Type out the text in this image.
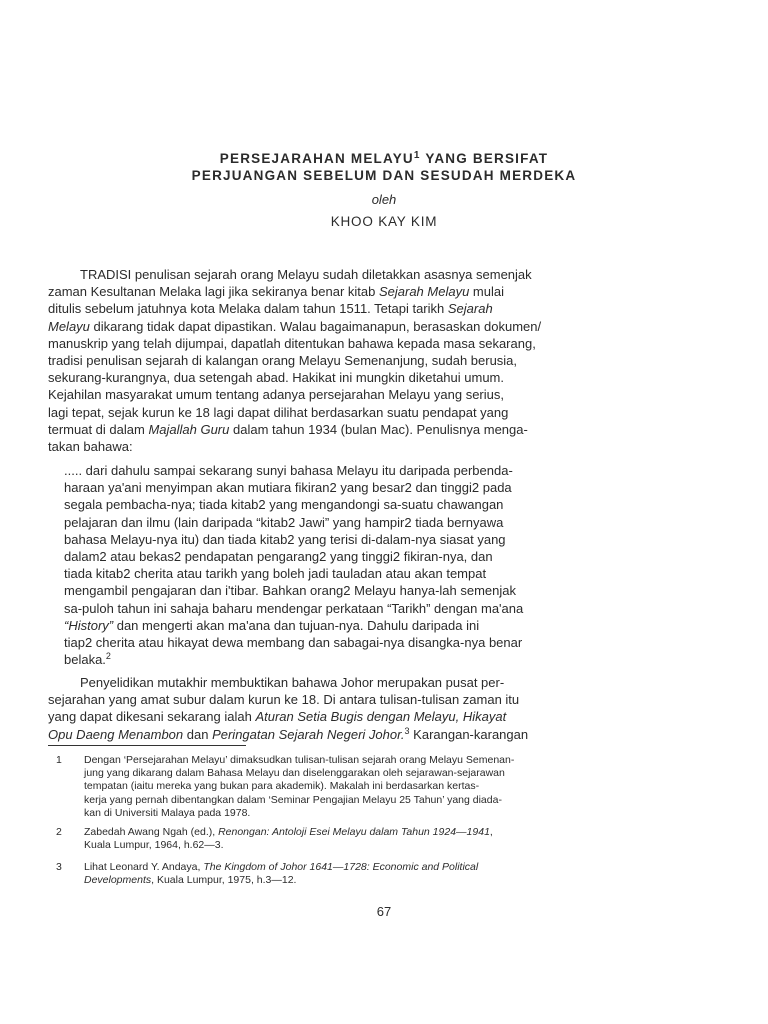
PERSEJARAHAN MELAYU$^1$ YANG BERSIFAT
PERJUANGAN SEBELUM DAN SESUDAH MERDEKA
oleh
KHOO KAY KIM
TRADISI penulisan sejarah orang Melayu sudah diletakkan asasnya semenjak
zaman Kesultanan Melaka lagi jika sekiranya benar kitab Sejarah Melayu mulai
ditulis sebelum jatuhnya kota Melaka dalam tahun 1511. Tetapi tarikh Sejarah
Melayu dikarang tidak dapat dipastikan. Walau bagaimanapun, berasaskan dokumen/
manuskrip yang telah dijumpai, dapatlah ditentukan bahawa kepada masa sekarang,
tradisi penulisan sejarah di kalangan orang Melayu Semenanjung, sudah berusia,
sekurang-kurangnya, dua setengah abad. Hakikat ini mungkin diketahui umum.
Kejahilan masyarakat umum tentang adanya persejarahan Melayu yang serius,
lagi tepat, sejak kurun ke 18 lagi dapat dilihat berdasarkan suatu pendapat yang
termuat di dalam Majallah Guru dalam tahun 1934 (bulan Mac). Penulisnya menga-
takan bahawa:
..... dari dahulu sampai sekarang sunyi bahasa Melayu itu daripada perbenda-
haraan ya'ani menyimpan akan mutiara fikiran2 yang besar2 dan tinggi2 pada
segala pembacha-nya; tiada kitab2 yang mengandongi sa-suatu chawangan
pelajaran dan ilmu (lain daripada “kitab2 Jawi” yang hampir2 tiada bernyawa
bahasa Melayu-nya itu) dan tiada kitab2 yang terisi di-dalam-nya siasat yang
dalam2 atau bekas2 pendapatan pengarang2 yang tinggi2 fikiran-nya, dan
tiada kitab2 cherita atau tarikh yang boleh jadi tauladan atau akan tempat
mengambil pengajaran dan i'tibar. Bahkan orang2 Melayu hanya-lah semenjak
sa-puloh tahun ini sahaja baharu mendengar perkataan “Tarikh” dengan ma'ana
“History” dan mengerti akan ma'ana dan tujuan-nya. Dahulu daripada ini
tiap2 cherita atau hikayat dewa membang dan sabagai-nya disangka-nya benar
belaka.$^2$
Penyelidikan mutakhir membuktikan bahawa Johor merupakan pusat per-
sejarahan yang amat subur dalam kurun ke 18. Di antara tulisan-tulisan zaman itu
yang dapat dikesani sekarang ialah Aturan Setia Bugis dengan Melayu, Hikayat
Opu Daeng Menambon dan Peringatan Sejarah Negeri Johor.$^3$ Karangan-karangan
1 Dengan ‘Persejarahan Melayu’ dimaksudkan tulisan-tulisan sejarah orang Melayu Semenan-
jung yang dikarang dalam Bahasa Melayu dan diselenggarakan oleh sejarawan-sejarawan
tempatan (iaitu mereka yang bukan para akademik). Makalah ini berdasarkan kertas-
kerja yang pernah dibentangkan dalam ‘Seminar Pengajian Melayu 25 Tahun’ yang diada-
kan di Universiti Malaya pada 1978.
2 Zabedah Awang Ngah (ed.), Renongan: Antoloji Esei Melayu dalam Tahun 1924—1941,
Kuala Lumpur, 1964, h.62—3.
3 Lihat Leonard Y. Andaya, The Kingdom of Johor 1641—1728: Economic and Political
Developments, Kuala Lumpur, 1975, h.3—12.
67
